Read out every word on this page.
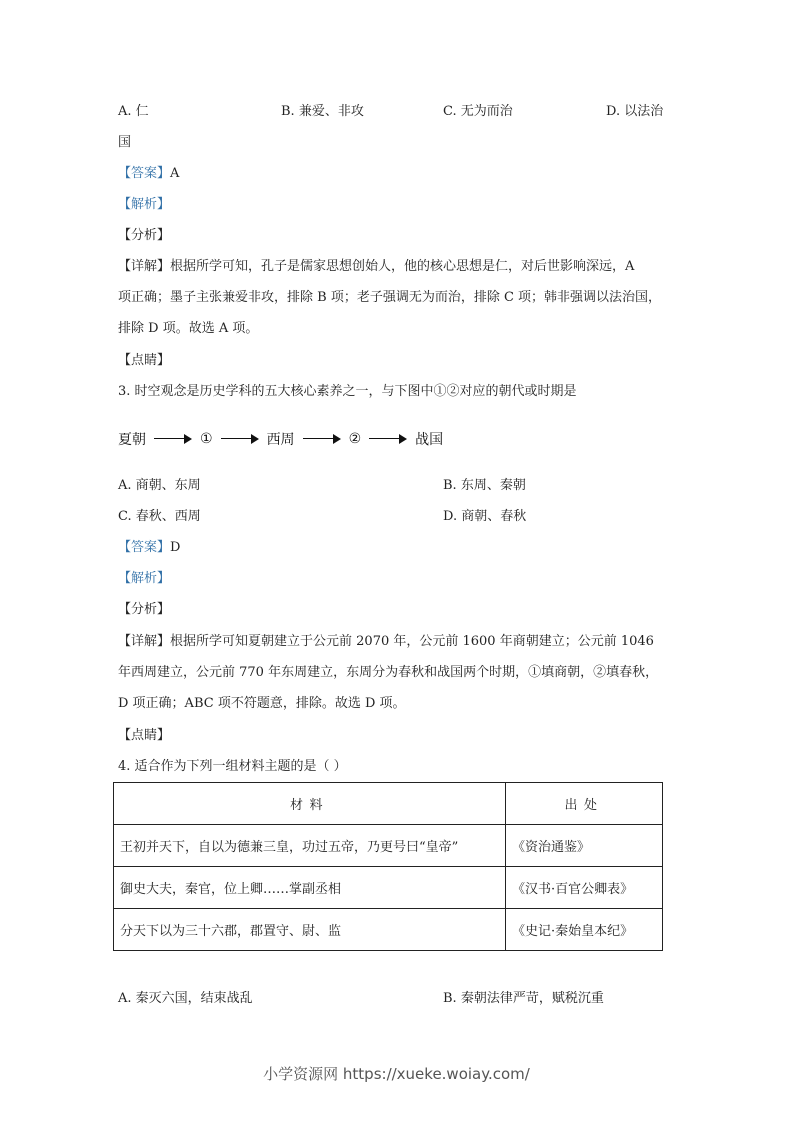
A. 仁	B. 兼爱、非攻	C. 无为而治	D. 以法治
国
【答案】A
【解析】
【分析】
【详解】根据所学可知，孔子是儒家思想创始人，他的核心思想是仁，对后世影响深远，A
项正确；墨子主张兼爱非攻，排除 B 项；老子强调无为而治，排除 C 项；韩非强调以法治国，
排除 D 项。故选 A 项。
【点睛】
3. 时空观念是历史学科的五大核心素养之一，与下图中①②对应的朝代或时期是
夏朝	①	西周	②	战国
A. 商朝、东周	B. 东周、秦朝
C. 春秋、西周	D. 商朝、春秋
【答案】D
【解析】
【分析】
【详解】根据所学可知夏朝建立于公元前 2070 年，公元前 1600 年商朝建立；公元前 1046
年西周建立，公元前 770 年东周建立，东周分为春秋和战国两个时期，①填商朝，②填春秋，
D 项正确；ABC 项不符题意，排除。故选 D 项。
【点睛】
4. 适合作为下列一组材料主题的是（ ）
材料	出处
王初并天下，自以为德兼三皇，功过五帝，乃更号曰“皇帝”	《资治通鉴》
御史大夫，秦官，位上卿……掌副丞相	《汉书·百官公卿表》
分天下以为三十六郡，郡置守、尉、监	《史记·秦始皇本纪》
A. 秦灭六国，结束战乱	B. 秦朝法律严苛，赋税沉重
小学资源网 https://xueke.woiay.com/
